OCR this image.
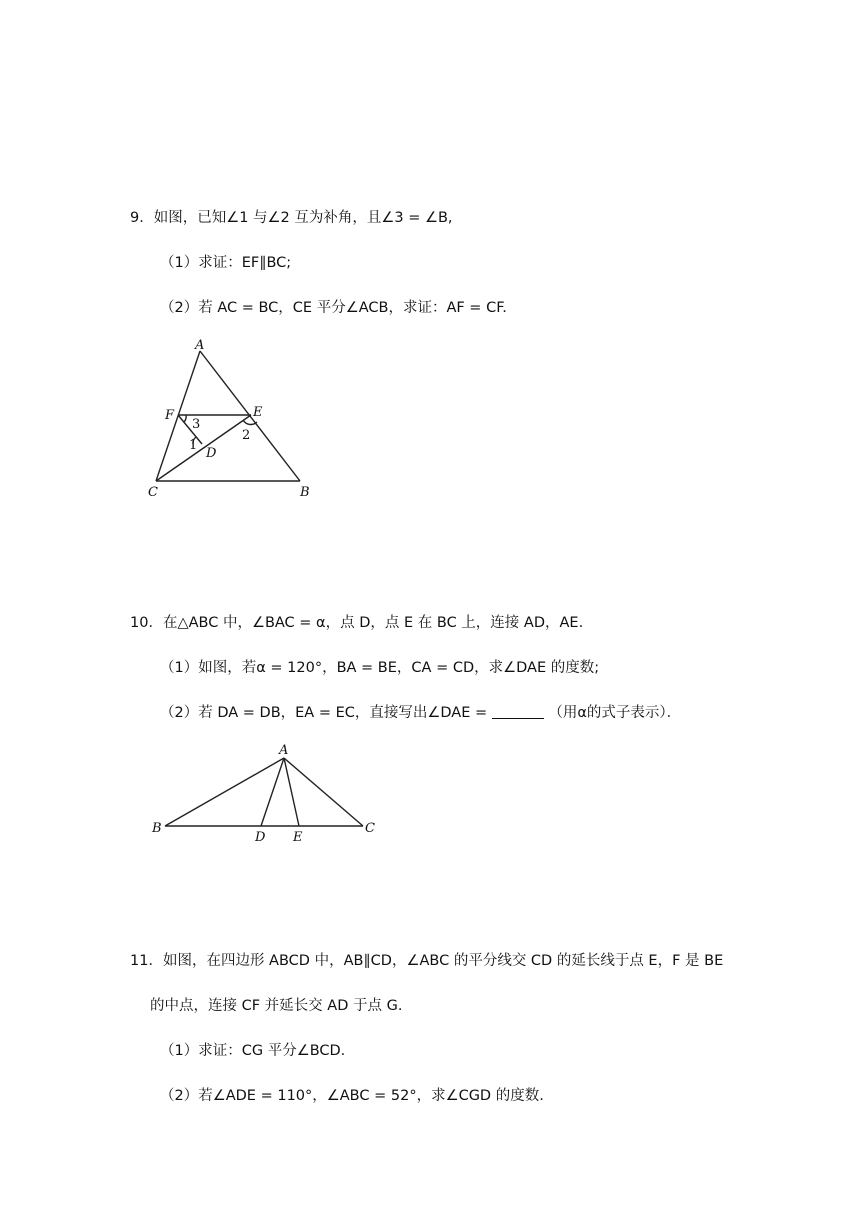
9．如图，已知∠1 与∠2 互为补角，且∠3 = ∠B,
（1）求证：EF∥BC;
（2）若 AC = BC，CE 平分∠ACB，求证：AF = CF.
A
F	E
D
C	B
1
2
3
10．在△ABC 中，∠BAC = α，点 D，点 E 在 BC 上，连接 AD，AE.
（1）如图，若α = 120°，BA = BE，CA = CD，求∠DAE 的度数;
（2）若 DA = DB，EA = EC，直接写出∠DAE =	（用α的式子表示）．
A
B
D E
C
11．如图，在四边形 ABCD 中，AB∥CD，∠ABC 的平分线交 CD 的延长线于点 E，F 是 BE
的中点，连接 CF 并延长交 AD 于点 G.
（1）求证：CG 平分∠BCD.
（2）若∠ADE = 110°，∠ABC = 52°，求∠CGD 的度数.
